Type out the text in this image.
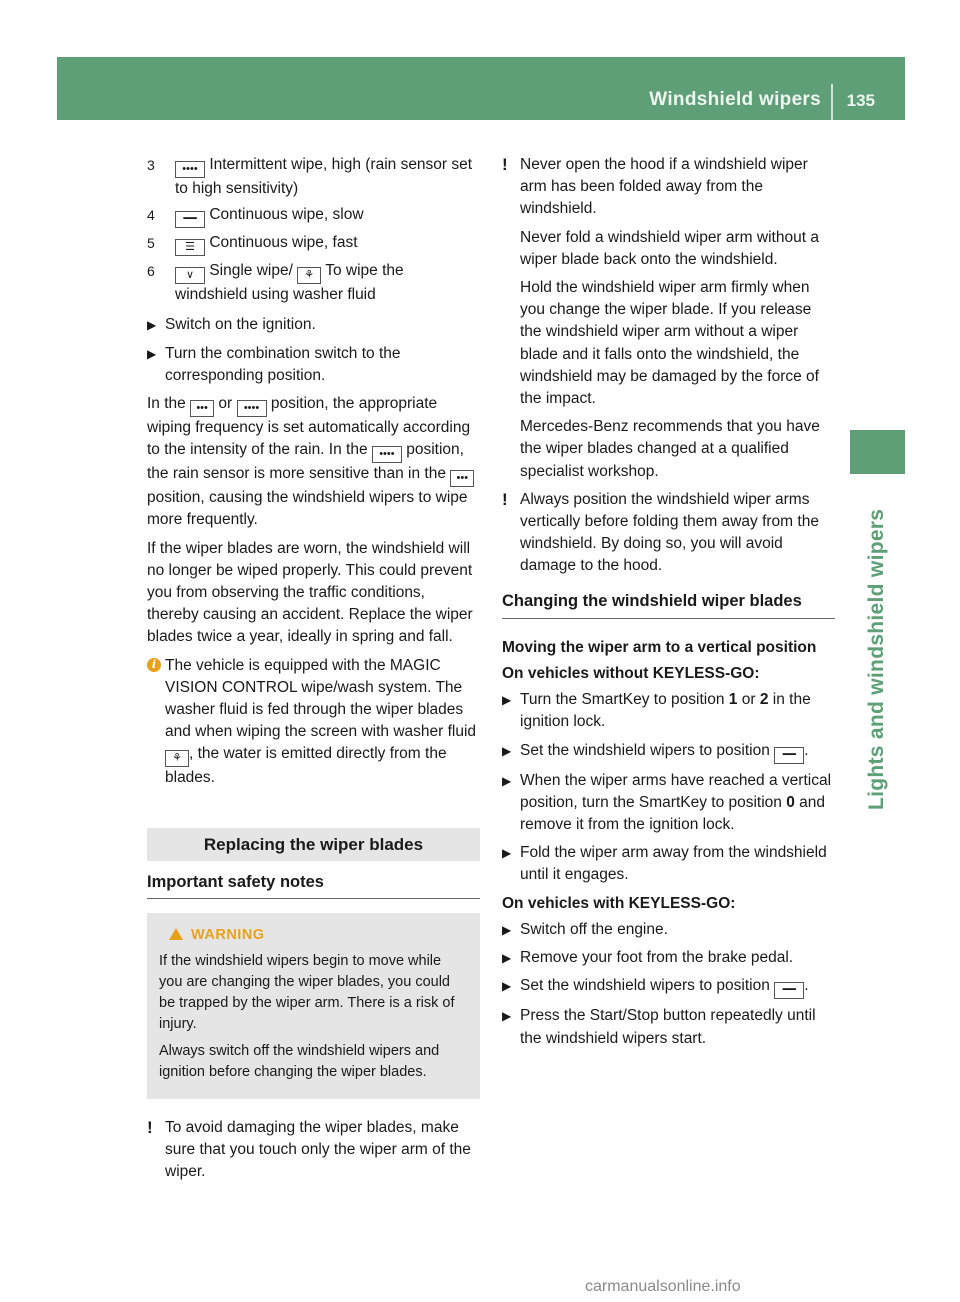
Windshield wipers 135
Lights and windshield wipers
3	•••• Intermittent wipe, high (rain sensor set to high sensitivity)
4	━━ Continuous wipe, slow
5	☰ Continuous wipe, fast
6	∨ Single wipe/ ⚘ To wipe the windshield using washer fluid
▶ Switch on the ignition.
▶ Turn the combination switch to the corresponding position.

In the ••• or •••• position, the appropriate wiping frequency is set automatically according to the intensity of the rain. In the •••• position, the rain sensor is more sensitive than in the ••• position, causing the windshield wipers to wipe more frequently.

If the wiper blades are worn, the windshield will no longer be wiped properly. This could prevent you from observing the traffic conditions, thereby causing an accident. Replace the wiper blades twice a year, ideally in spring and fall.

i The vehicle is equipped with the MAGIC VISION CONTROL wipe/wash system. The washer fluid is fed through the wiper blades and when wiping the screen with washer fluid ⚘ , the water is emitted directly from the blades.
Replacing the wiper blades
Important safety notes
WARNING

If the windshield wipers begin to move while you are changing the wiper blades, you could be trapped by the wiper arm. There is a risk of injury.

Always switch off the windshield wipers and ignition before changing the wiper blades.

! To avoid damaging the wiper blades, make sure that you touch only the wiper arm of the wiper.
! Never open the hood if a windshield wiper arm has been folded away from the windshield.

Never fold a windshield wiper arm without a wiper blade back onto the windshield.

Hold the windshield wiper arm firmly when you change the wiper blade. If you release the windshield wiper arm without a wiper blade and it falls onto the windshield, the windshield may be damaged by the force of the impact.

Mercedes-Benz recommends that you have the wiper blades changed at a qualified specialist workshop.

! Always position the windshield wiper arms vertically before folding them away from the windshield. By doing so, you will avoid damage to the hood.

Changing the windshield wiper blades
Moving the wiper arm to a vertical position
On vehicles without KEYLESS-GO:
▶ Turn the SmartKey to position 1 or 2 in the ignition lock.
▶ Set the windshield wipers to position ━━ .
▶ When the wiper arms have reached a vertical position, turn the SmartKey to position 0 and remove it from the ignition lock.
▶ Fold the wiper arm away from the windshield until it engages.
On vehicles with KEYLESS-GO:
▶ Switch off the engine.
▶ Remove your foot from the brake pedal.
▶ Set the windshield wipers to position ━━ .
▶ Press the Start/Stop button repeatedly until the windshield wipers start.
carmanualsonline.info
